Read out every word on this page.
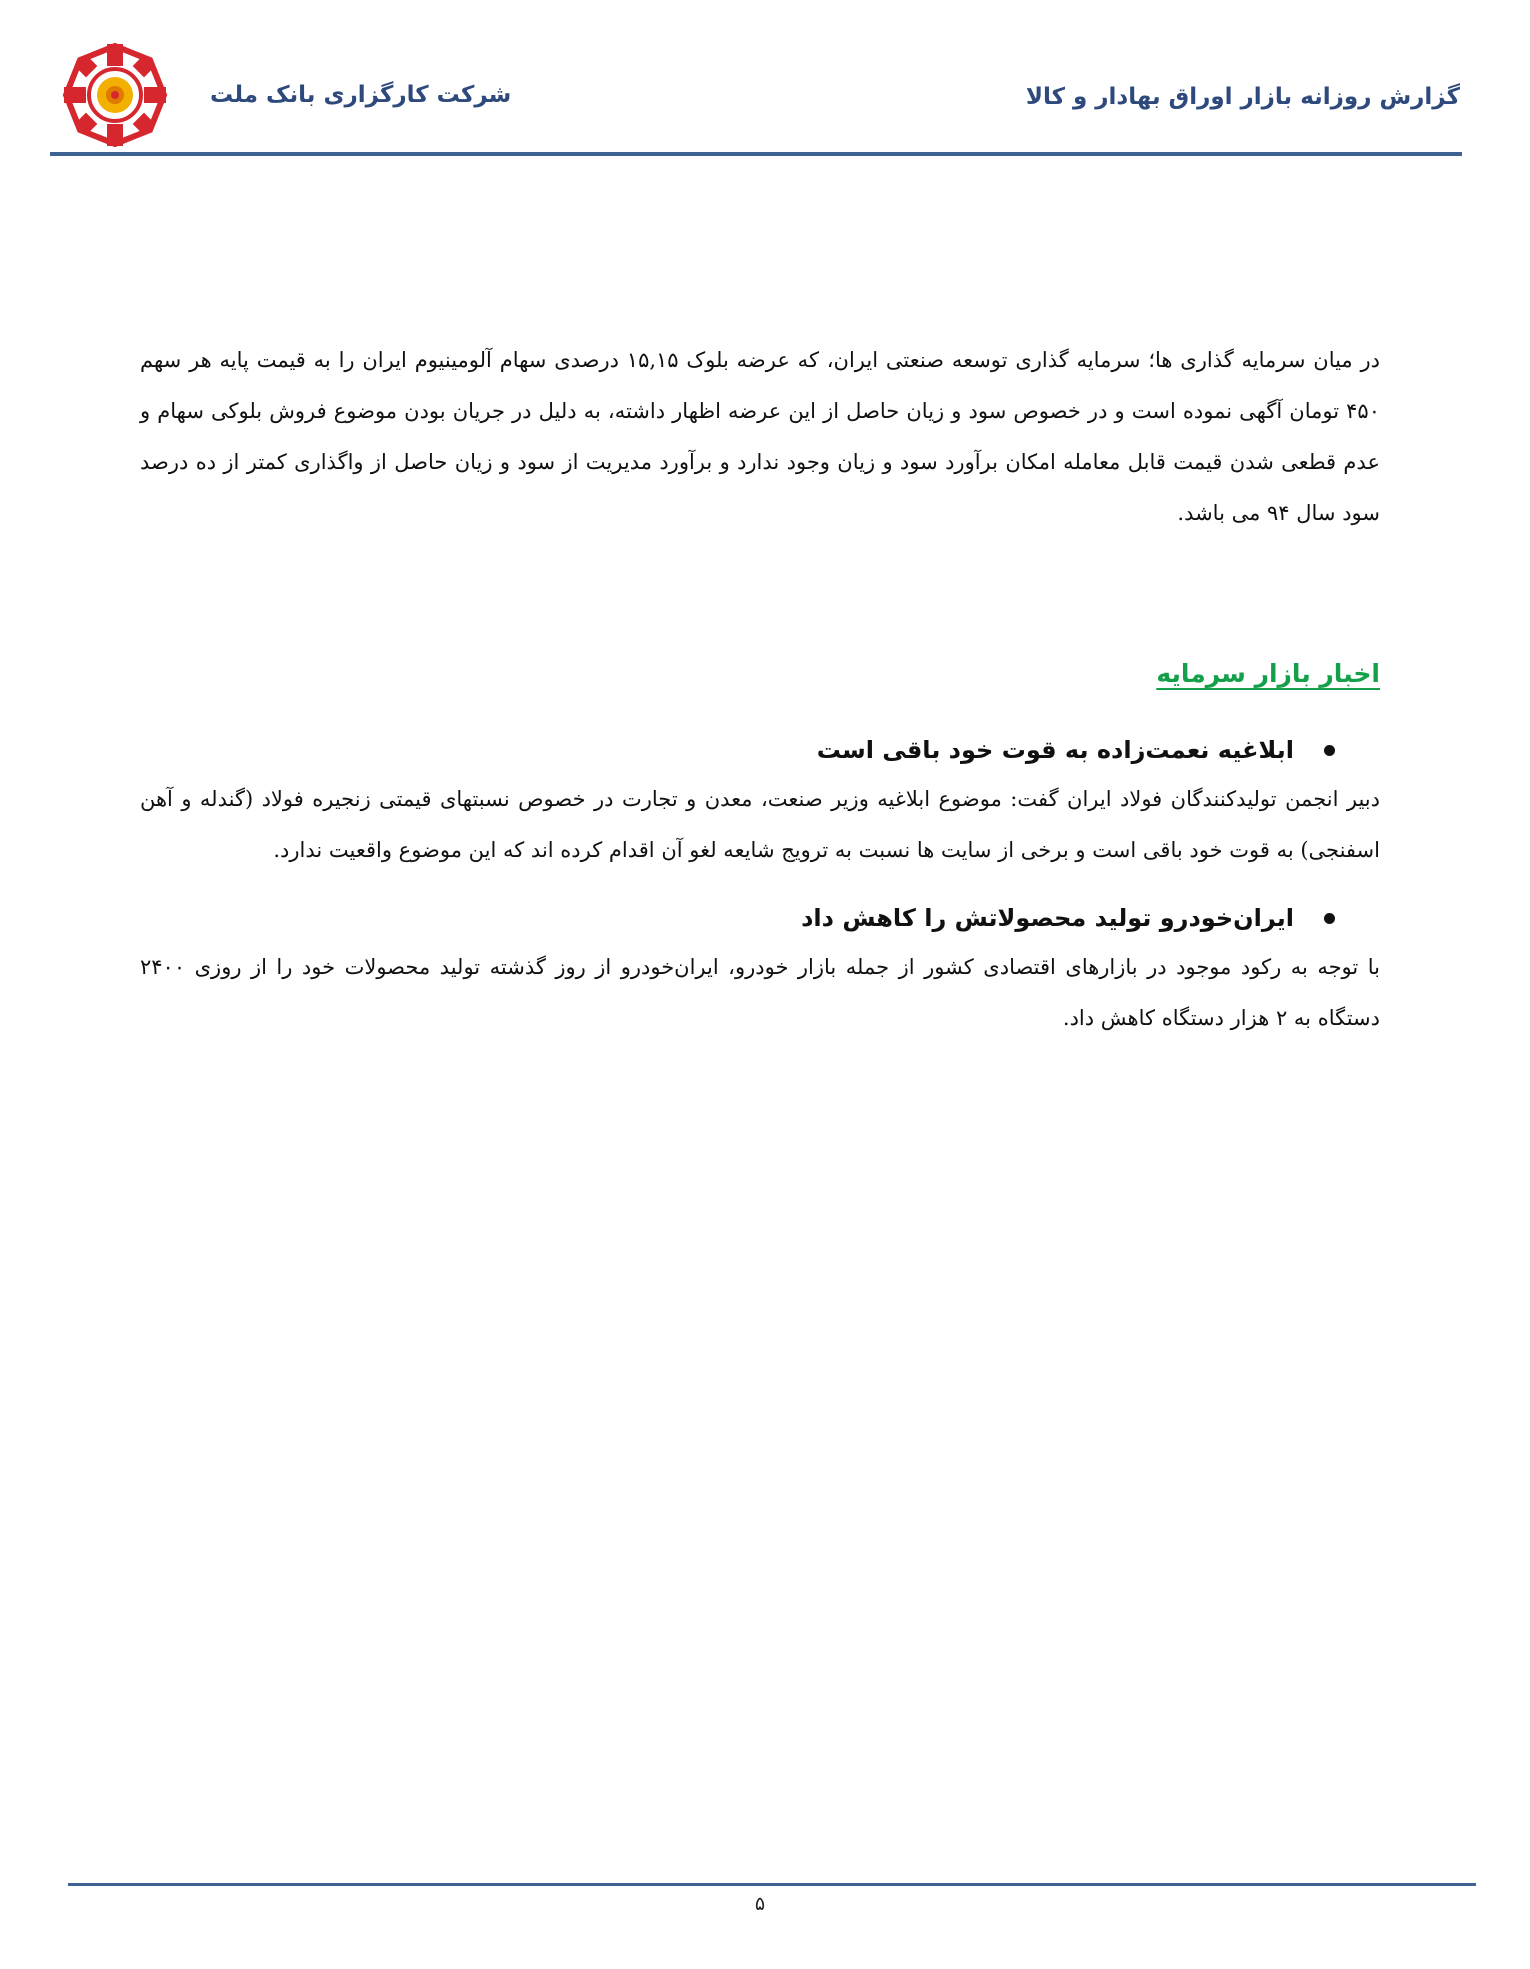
شرکت کارگزاری بانک ملت	گزارش روزانه بازار اوراق بهادار و کالا

در میان سرمایه گذاری ها؛ سرمایه گذاری توسعه صنعتی ایران، که عرضه بلوک ۱۵,۱۵ درصدی سهام آلومینیوم ایران را به قیمت پایه هر سهم ۴۵۰ تومان آگهی نموده است و در خصوص سود و زیان حاصل از این عرضه اظهار داشته، به دلیل در جریان بودن موضوع فروش بلوکی سهام و عدم قطعی شدن قیمت قابل معامله امکان برآورد سود و زیان وجود ندارد و برآورد مدیریت از سود و زیان حاصل از واگذاری کمتر از ده درصد سود سال ۹۴ می باشد.

اخبار بازار سرمایه
ابلاغیه نعمت‌زاده به قوت خود باقی است

دبیر انجمن تولیدکنندگان فولاد ایران گفت: موضوع ابلاغیه وزیر صنعت، معدن و تجارت در خصوص نسبتهای قیمتی زنجیره فولاد (گندله و آهن اسفنجی) به قوت خود باقی است و برخی از سایت ها نسبت به ترویج شایعه لغو آن اقدام کرده اند که این موضوع واقعیت ندارد.

ایران‌خودرو تولید محصولاتش را کاهش داد

با توجه به رکود موجود در بازارهای اقتصادی کشور از جمله بازار خودرو، ایران‌خودرو از روز گذشته تولید محصولات خود را از روزی ۲۴۰۰ دستگاه به ۲ هزار دستگاه کاهش داد.

۵
